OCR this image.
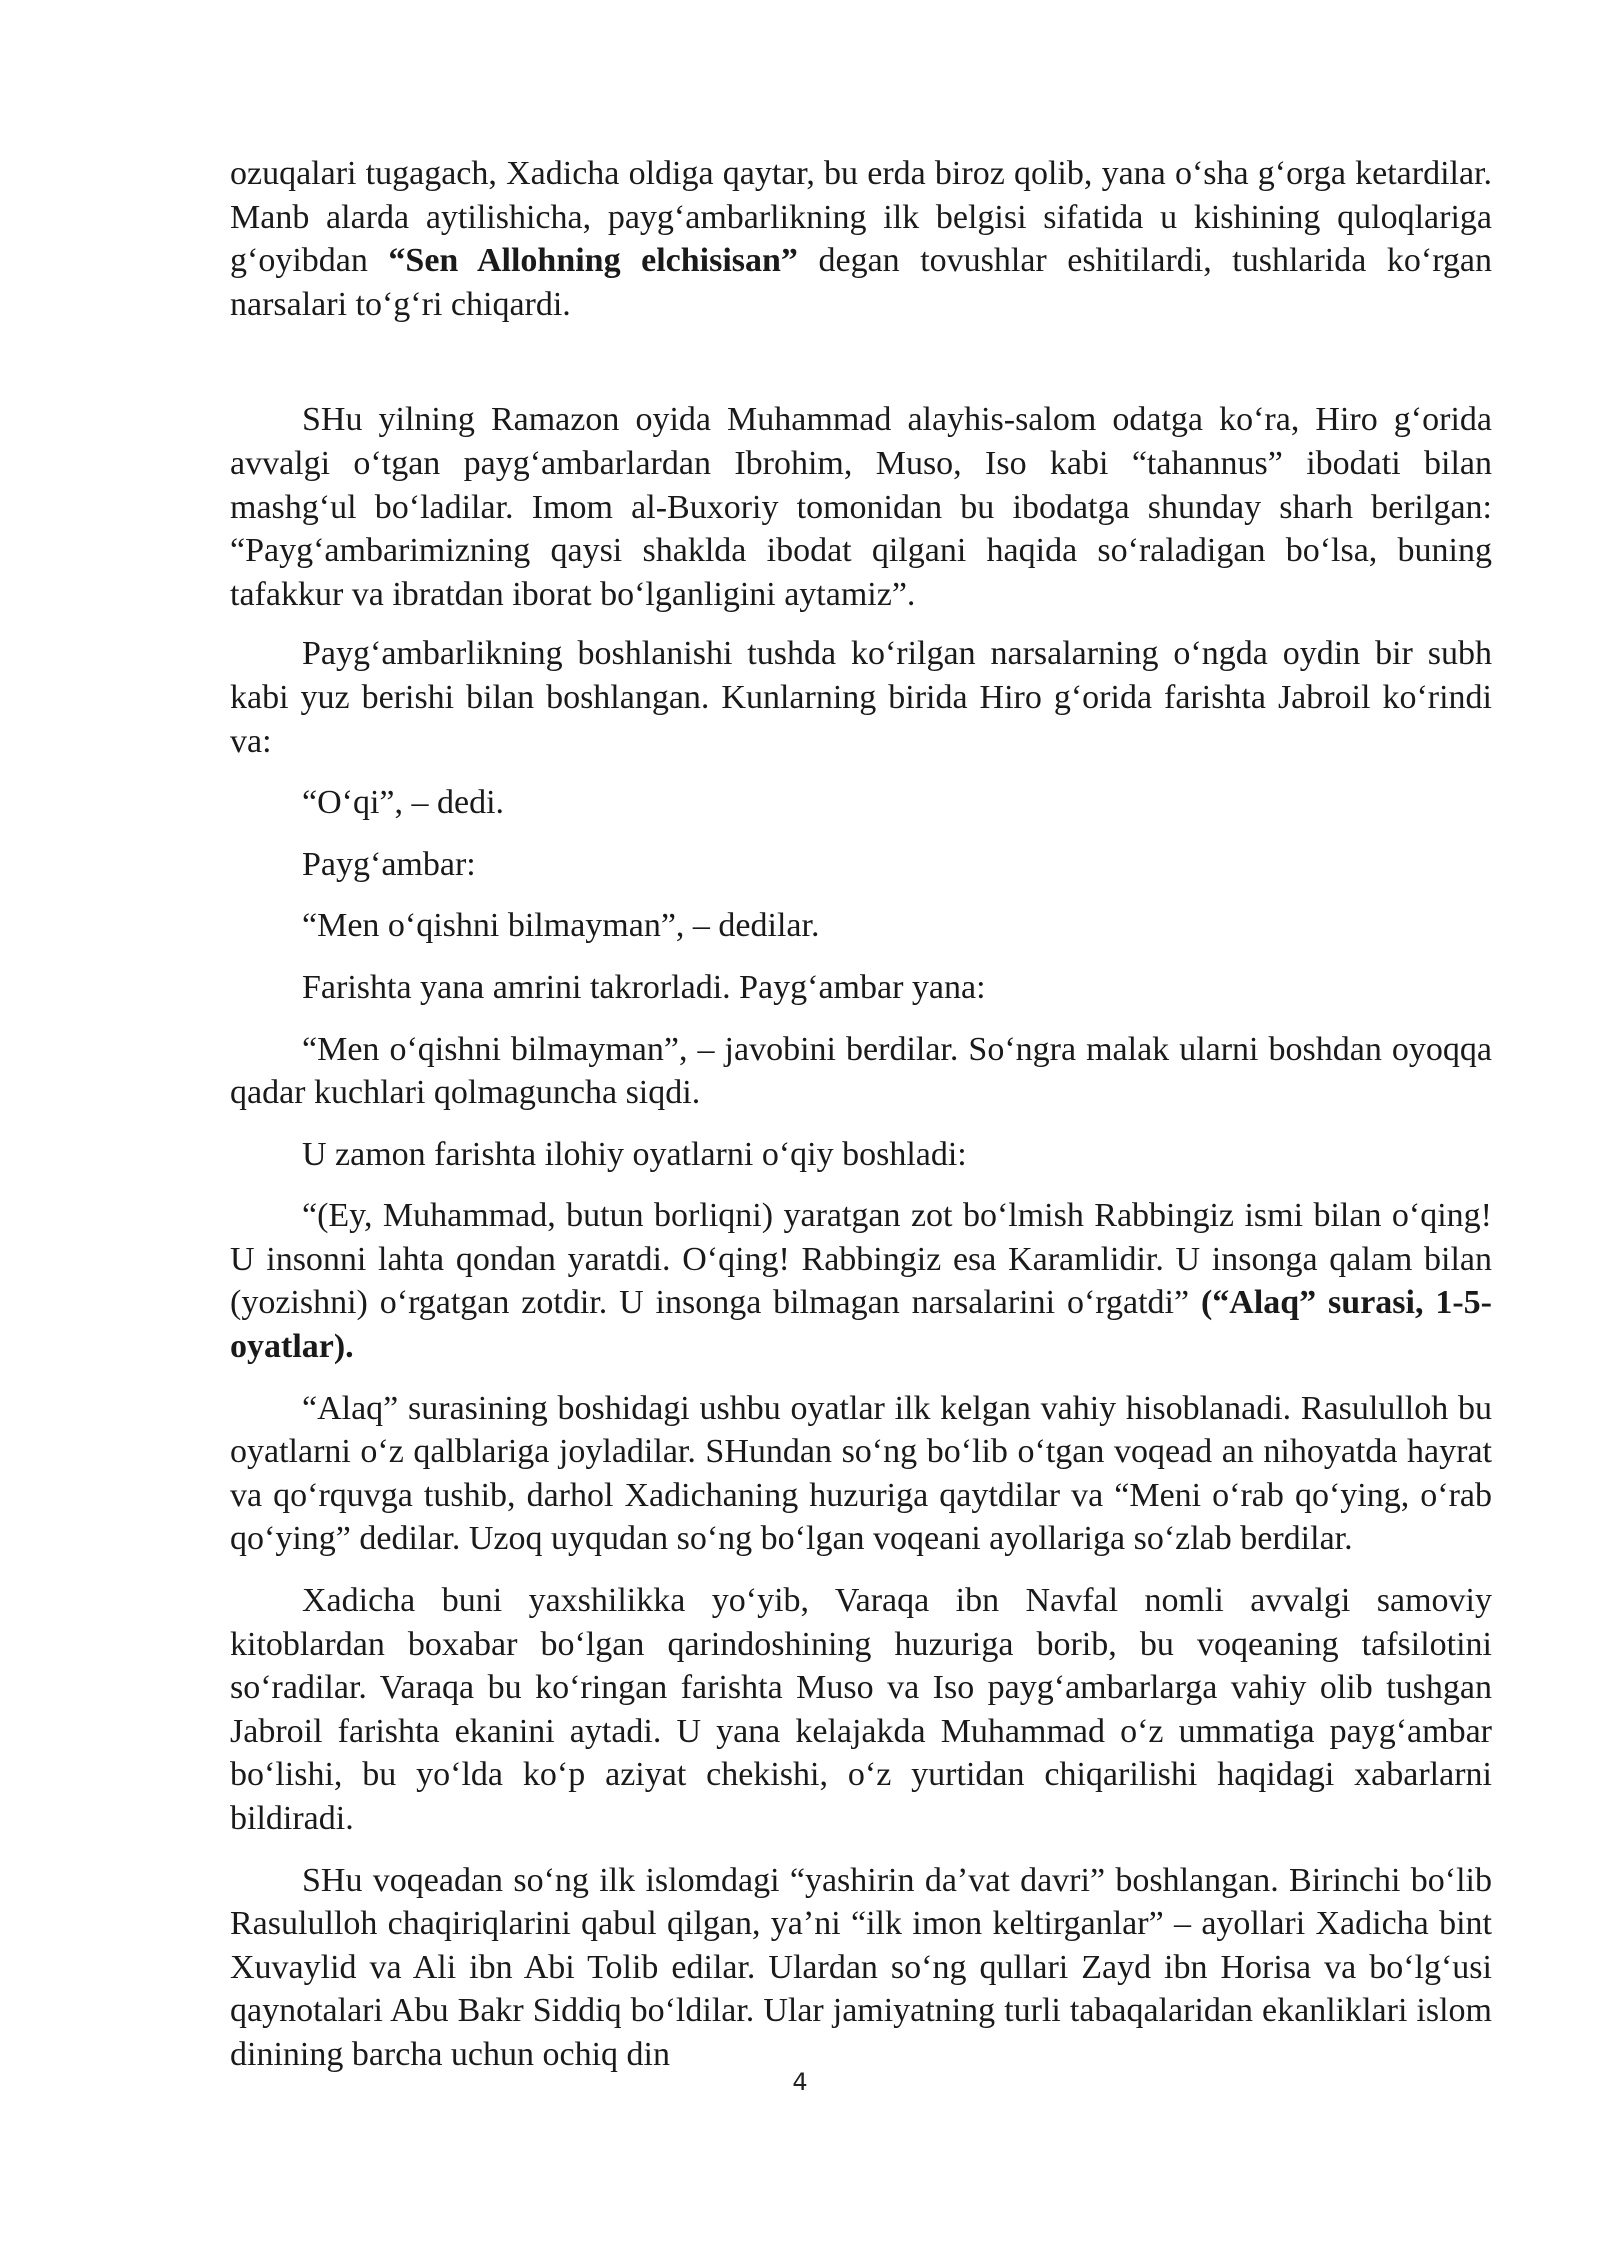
ozuqalari tugagach, Xadicha oldiga qaytar, bu erda biroz qolib, yana oʻsha gʻorga ketardilar. Manb alarda aytilishicha, paygʻambarlikning ilk belgisi sifatida u kishining quloqlariga gʻoyibdan “Sen Allohning elchisisan” degan tovushlar eshitilardi, tushlarida koʻrgan narsalari toʻgʻri chiqardi.

SHu yilning Ramazon oyida Muhammad alayhis-salom odatga koʻra, Hiro gʻorida avvalgi oʻtgan paygʻambarlardan Ibrohim, Muso, Iso kabi “tahannus” ibodati bilan mashgʻul boʻladilar. Imom al-Buxoriy tomonidan bu ibodatga shunday sharh berilgan: “Paygʻambarimizning qaysi shaklda ibodat qilgani haqida soʻraladigan boʻlsa, buning tafakkur va ibratdan iborat boʻlganligini aytamiz”.

Paygʻambarlikning boshlanishi tushda koʻrilgan narsalarning oʻngda oydin bir subh kabi yuz berishi bilan boshlangan. Kunlarning birida Hiro gʻorida farishta Jabroil koʻrindi va:

“Oʻqi”, – dedi.

Paygʻambar:

“Men oʻqishni bilmayman”, – dedilar.

Farishta yana amrini takrorladi. Paygʻambar yana:

“Men oʻqishni bilmayman”, – javobini berdilar. Soʻngra malak ularni boshdan oyoqqa qadar kuchlari qolmaguncha siqdi.

U zamon farishta ilohiy oyatlarni oʻqiy boshladi:

“(Ey, Muhammad, butun borliqni) yaratgan zot boʻlmish Rabbingiz ismi bilan oʻqing! U insonni lahta qondan yaratdi. Oʻqing! Rabbingiz esa Karamlidir. U insonga qalam bilan (yozishni) oʻrgatgan zotdir. U insonga bilmagan narsalarini oʻrgatdi” (“Alaq” surasi, 1-5-oyatlar).

“Alaq” surasining boshidagi ushbu oyatlar ilk kelgan vahiy hisoblanadi. Rasululloh bu oyatlarni oʻz qalblariga joyladilar. SHundan soʻng boʻlib oʻtgan voqead an nihoyatda hayrat va qoʻrquvga tushib, darhol Xadichaning huzuriga qaytdilar va “Meni oʻrab qoʻying, oʻrab qoʻying” dedilar. Uzoq uyqudan soʻng boʻlgan voqeani ayollariga soʻzlab berdilar.

Xadicha buni yaxshilikka yoʻyib, Varaqa ibn Navfal nomli avvalgi samoviy kitoblardan boxabar boʻlgan qarindoshining huzuriga borib, bu voqeaning tafsilotini soʻradilar. Varaqa bu koʻringan farishta Muso va Iso paygʻambarlarga vahiy olib tushgan Jabroil farishta ekanini aytadi. U yana kelajakda Muhammad oʻz ummatiga paygʻambar boʻlishi, bu yoʻlda koʻp aziyat chekishi, oʻz yurtidan chiqarilishi haqidagi xabarlarni bildiradi.

SHu voqeadan soʻng ilk islomdagi “yashirin daʼvat davri” boshlangan. Birinchi boʻlib Rasululloh chaqiriqlarini qabul qilgan, yaʼni “ilk imon keltirganlar” – ayollari Xadicha bint Xuvaylid va Ali ibn Abi Tolib edilar. Ulardan soʻng qullari Zayd ibn Horisa va boʻlgʻusi qaynotalari Abu Bakr Siddiq boʻldilar. Ular jamiyatning turli tabaqalaridan ekanliklari islom dinining barcha uchun ochiq din

4
